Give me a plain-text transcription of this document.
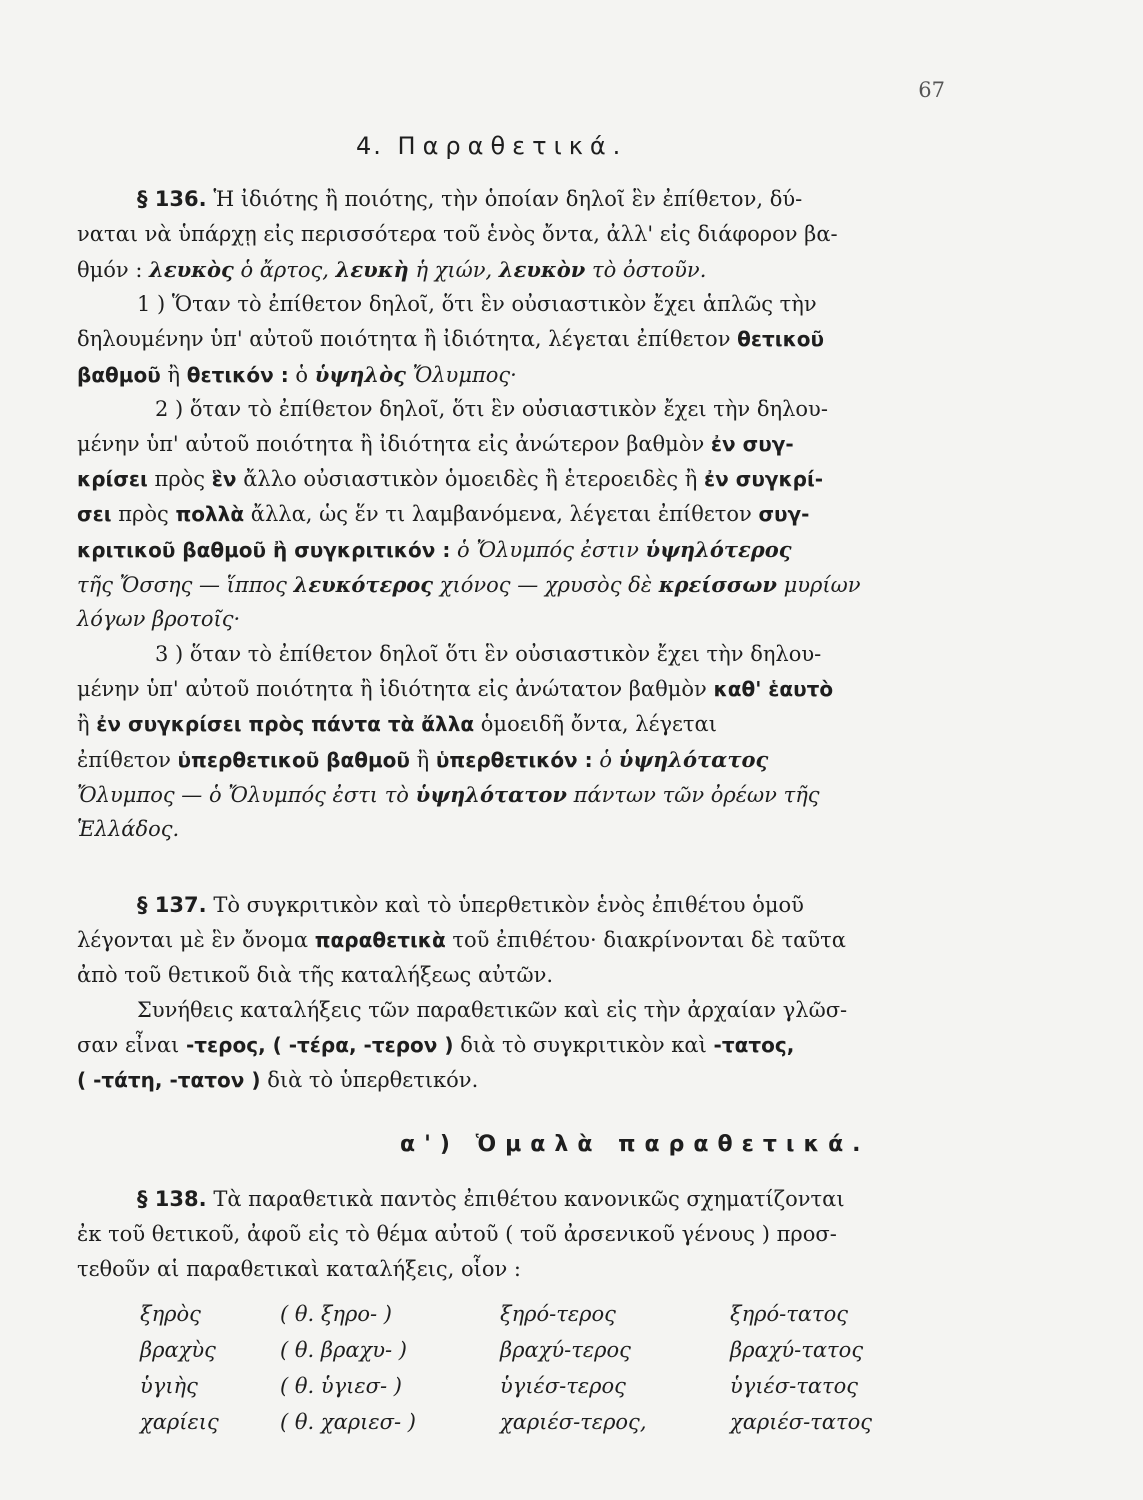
67
4. Παραθετικά.
§ 136. Ἡ ἰδιότης ἢ ποιότης, τὴν ὁποίαν δηλοῖ ἓν ἐπίθετον, δύ-
ναται νὰ ὑπάρχῃ εἰς περισσότερα τοῦ ἑνὸς ὄντα, ἀλλ' εἰς διάφορον βα-
θμόν : λευκὸς ὁ ἄρτος, λευκὴ ἡ χιών, λευκὸν τὸ ὀστοῦν.
1 ) Ὅταν τὸ ἐπίθετον δηλοῖ, ὅτι ἓν οὐσιαστικὸν ἔχει ἁπλῶς τὴν
δηλουμένην ὑπ' αὐτοῦ ποιότητα ἢ ἰδιότητα, λέγεται ἐπίθετον θετικοῦ
βαθμοῦ ἢ θετικόν : ὁ ὑψηλὸς Ὄλυμπος·
2 ) ὅταν τὸ ἐπίθετον δηλοῖ, ὅτι ἓν οὐσιαστικὸν ἔχει τὴν δηλου-
μένην ὑπ' αὐτοῦ ποιότητα ἢ ἰδιότητα εἰς ἀνώτερον βαθμὸν ἐν συγ-
κρίσει πρὸς ἓν ἄλλο οὐσιαστικὸν ὁμοειδὲς ἢ ἑτεροειδὲς ἢ ἐν συγκρί-
σει πρὸς πολλὰ ἄλλα, ὡς ἕν τι λαμβανόμενα, λέγεται ἐπίθετον συγ-
κριτικοῦ βαθμοῦ ἢ συγκριτικόν : ὁ Ὄλυμπός ἐστιν ὑψηλότερος
τῆς Ὄσσης — ἵππος λευκότερος χιόνος — χρυσὸς δὲ κρείσσων μυρίων
λόγων βροτοῖς·
3 ) ὅταν τὸ ἐπίθετον δηλοῖ ὅτι ἓν οὐσιαστικὸν ἔχει τὴν δηλου-
μένην ὑπ' αὐτοῦ ποιότητα ἢ ἰδιότητα εἰς ἀνώτατον βαθμὸν καθ' ἑαυτὸ
ἢ ἐν συγκρίσει πρὸς πάντα τὰ ἄλλα ὁμοειδῆ ὄντα, λέγεται
ἐπίθετον ὑπερθετικοῦ βαθμοῦ ἢ ὑπερθετικόν : ὁ ὑψηλότατος
Ὄλυμπος — ὁ Ὄλυμπός ἐστι τὸ ὑψηλότατον πάντων τῶν ὀρέων τῆς
Ἑλλάδος.
§ 137. Τὸ συγκριτικὸν καὶ τὸ ὑπερθετικὸν ἑνὸς ἐπιθέτου ὁμοῦ
λέγονται μὲ ἓν ὄνομα παραθετικὰ τοῦ ἐπιθέτου· διακρίνονται δὲ ταῦτα
ἀπὸ τοῦ θετικοῦ διὰ τῆς καταλήξεως αὐτῶν.
Συνήθεις καταλήξεις τῶν παραθετικῶν καὶ εἰς τὴν ἀρχαίαν γλῶσ-
σαν εἶναι -τερος, ( -τέρα, -τερον ) διὰ τὸ συγκριτικὸν καὶ -τατος,
( -τάτη, -τατον ) διὰ τὸ ὑπερθετικόν.
α') Ὁμαλὰ παραθετικά.
§ 138. Τὰ παραθετικὰ παντὸς ἐπιθέτου κανονικῶς σχηματίζονται
ἐκ τοῦ θετικοῦ, ἀφοῦ εἰς τὸ θέμα αὐτοῦ ( τοῦ ἀρσενικοῦ γένους ) προσ-
τεθοῦν αἱ παραθετικαὶ καταλήξεις, οἷον :
ξηρὸς	( θ. ξηρο- )	ξηρό-τερος	ξηρό-τατος
βραχὺς	( θ. βραχυ- )	βραχύ-τερος	βραχύ-τατος
ὑγιὴς	( θ. ὑγιεσ- )	ὑγιέσ-τερος	ὑγιέσ-τατος
χαρίεις	( θ. χαριεσ- )	χαριέσ-τερος,	χαριέσ-τατος
